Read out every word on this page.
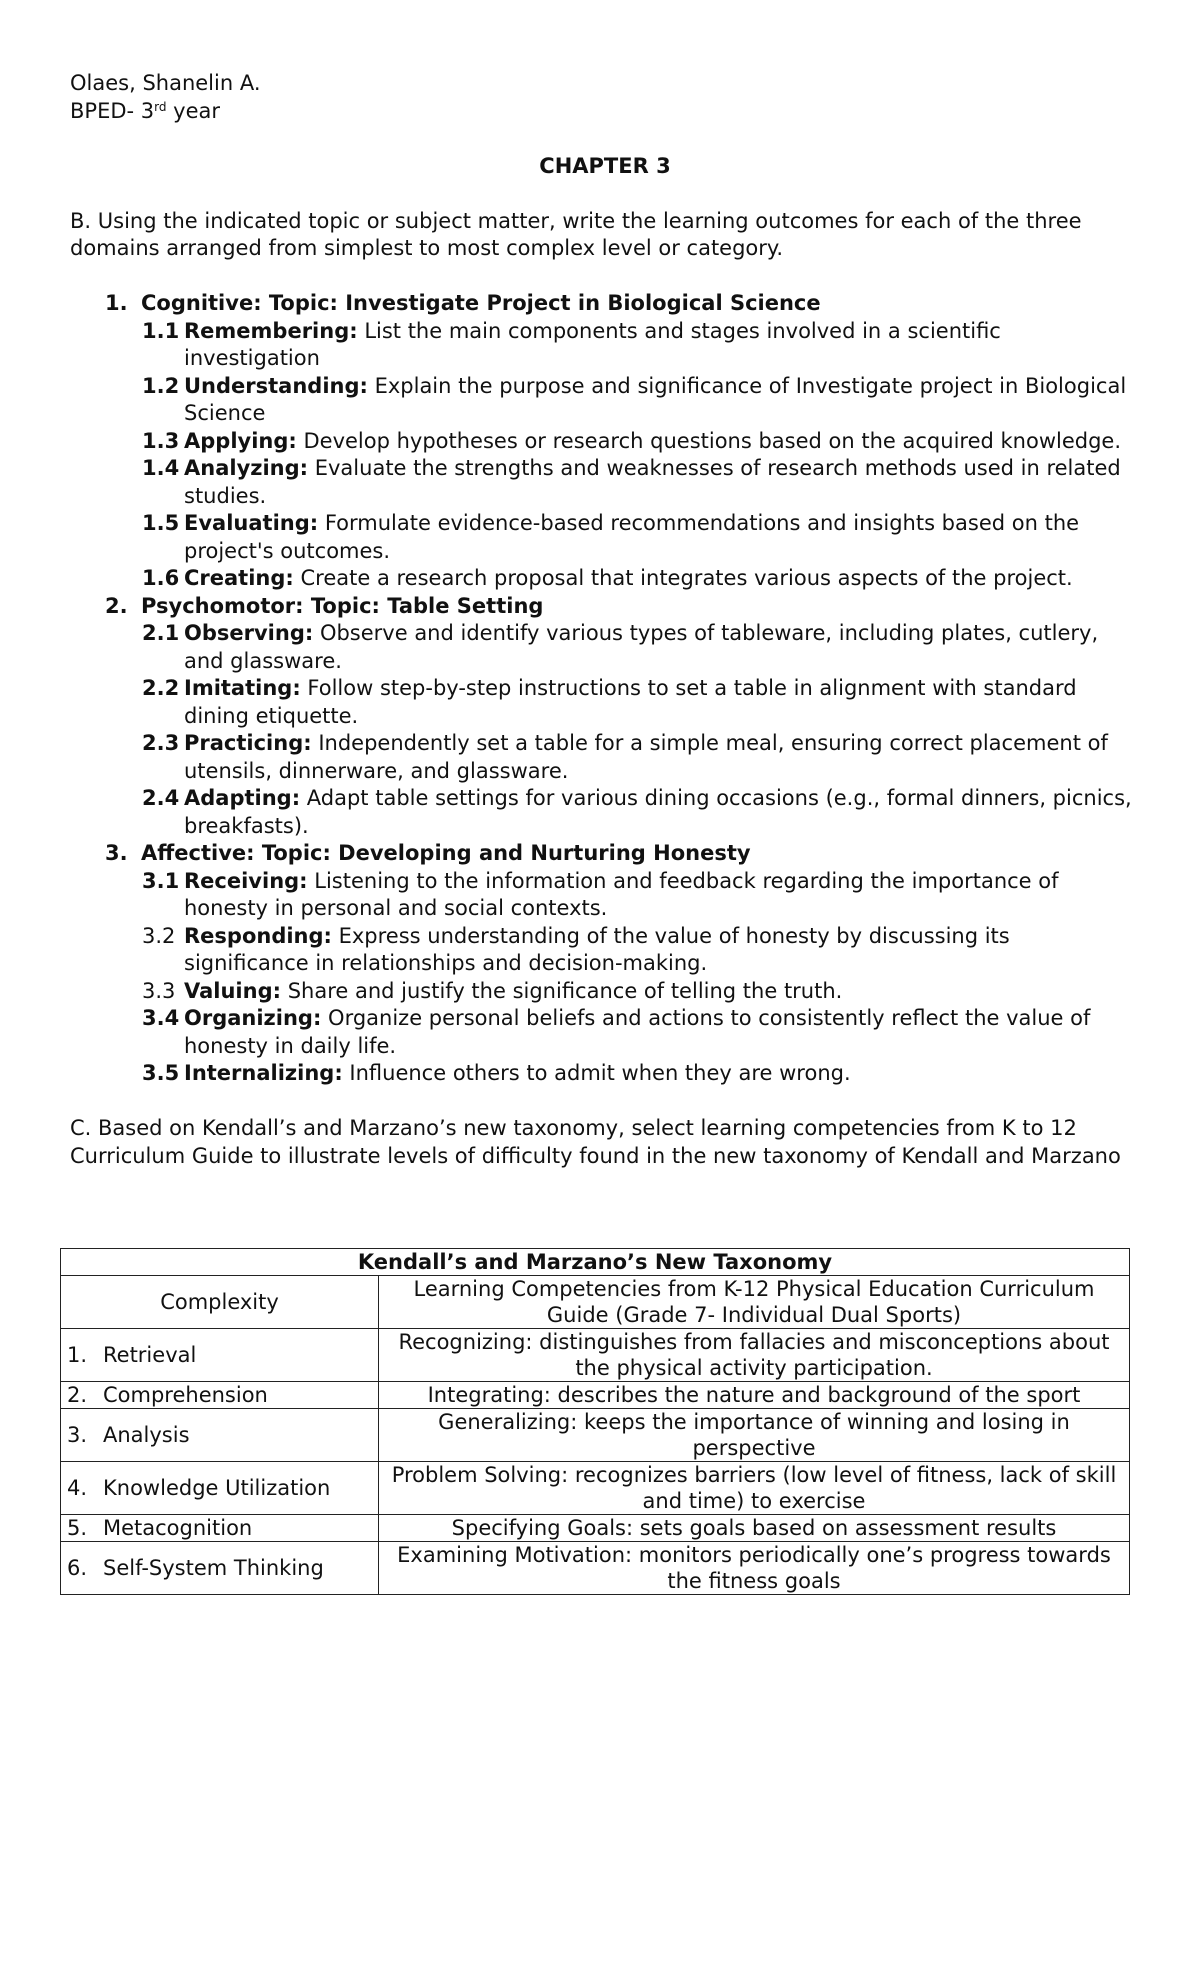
Olaes, Shanelin A.

BPED- 3rd year

CHAPTER 3

B. Using the indicated topic or subject matter, write the learning outcomes for each of the three domains arranged from simplest to most complex level or category.

1. Cognitive: Topic: Investigate Project in Biological Science
1.1 Remembering: List the main components and stages involved in a scientific investigation
1.2 Understanding: Explain the purpose and significance of Investigate project in Biological Science
1.3 Applying: Develop hypotheses or research questions based on the acquired knowledge.
1.4 Analyzing: Evaluate the strengths and weaknesses of research methods used in related studies.
1.5 Evaluating: Formulate evidence-based recommendations and insights based on the project's outcomes.
1.6 Creating: Create a research proposal that integrates various aspects of the project.
2. Psychomotor: Topic: Table Setting
2.1 Observing: Observe and identify various types of tableware, including plates, cutlery, and glassware.
2.2 Imitating: Follow step-by-step instructions to set a table in alignment with standard dining etiquette.
2.3 Practicing: Independently set a table for a simple meal, ensuring correct placement of utensils, dinnerware, and glassware.
2.4 Adapting: Adapt table settings for various dining occasions (e.g., formal dinners, picnics, breakfasts).
3. Affective: Topic: Developing and Nurturing Honesty
3.1 Receiving: Listening to the information and feedback regarding the importance of honesty in personal and social contexts.
3.2 Responding: Express understanding of the value of honesty by discussing its significance in relationships and decision-making.
3.3 Valuing: Share and justify the significance of telling the truth.
3.4 Organizing: Organize personal beliefs and actions to consistently reflect the value of honesty in daily life.
3.5 Internalizing: Influence others to admit when they are wrong.

C. Based on Kendall’s and Marzano’s new taxonomy, select learning competencies from K to 12 Curriculum Guide to illustrate levels of difficulty found in the new taxonomy of Kendall and Marzano

Kendall’s and Marzano’s New Taxonomy	
Complexity	Learning Competencies from K-12 Physical Education Curriculum Guide (Grade 7- Individual Dual Sports)

1. Retrieval	Recognizing: distinguishes from fallacies and misconceptions about the physical activity participation.

2. Comprehension	Integrating: describes the nature and background of the sport

3. Analysis	Generalizing: keeps the importance of winning and losing in perspective

4. Knowledge Utilization	Problem Solving: recognizes barriers (low level of fitness, lack of skill and time) to exercise

5. Metacognition	Specifying Goals: sets goals based on assessment results

6. Self-System Thinking	Examining Motivation: monitors periodically one’s progress towards the fitness goals
